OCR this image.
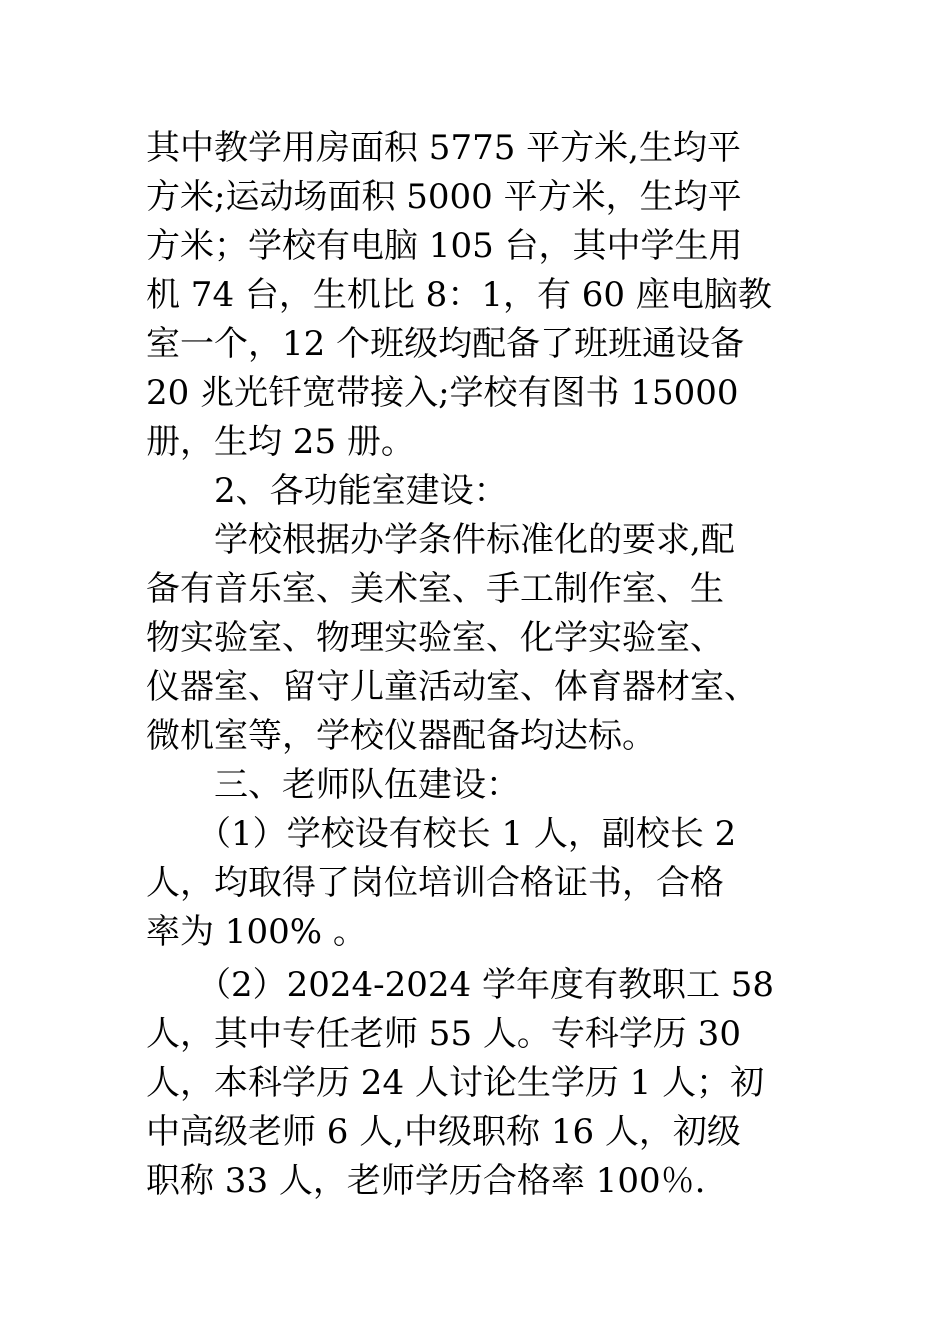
其中教学用房面积 5775 平方米,生均平
方米;运动场面积 5000 平方米，生均平
方米；学校有电脑 105 台，其中学生用
机 74 台，生机比 8：1，有 60 座电脑教
室一个，12 个班级均配备了班班通设备
20 兆光钎宽带接入;学校有图书 15000
册，生均 25 册。
　　2、各功能室建设：
　　学校根据办学条件标准化的要求,配
备有音乐室、美术室、手工制作室、生
物实验室、物理实验室、化学实验室、
仪器室、留守儿童活动室、体育器材室、
微机室等，学校仪器配备均达标。
　　三、老师队伍建设：
　　（1）学校设有校长 1 人，副校长 2
人，均取得了岗位培训合格证书，合格
率为 100% 。
　　（2）2024-2024 学年度有教职工 58
人，其中专任老师 55 人。专科学历 30
人，本科学历 24 人讨论生学历 1 人；初
中高级老师 6 人,中级职称 16 人，初级
职称 33 人，老师学历合格率 100％.
